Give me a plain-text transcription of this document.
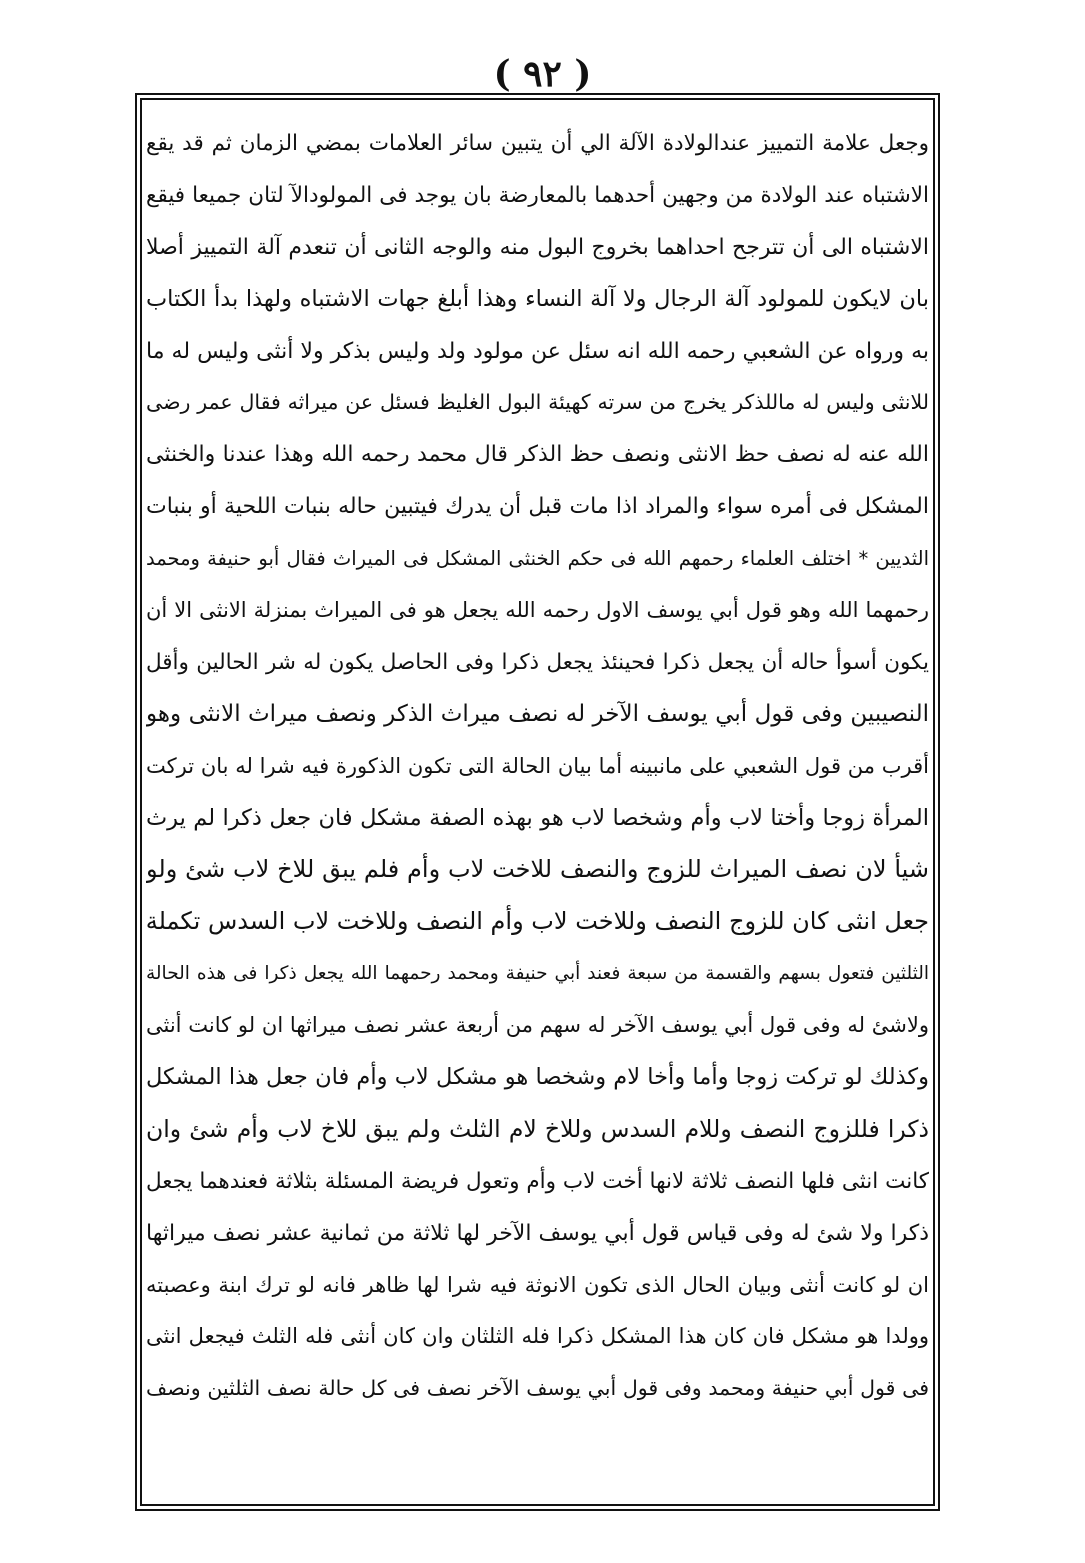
( ٩٢ )
وجعل علامة التمييز عندالولادة الآلة الي أن يتبين سائر العلامات بمضي الزمان ثم قد يقع
الاشتباه عند الولادة من وجهين أحدهما بالمعارضة بان يوجد فى المولودالآ لتان جميعا فيقع
الاشتباه الى أن تترجح احداهما بخروج البول منه والوجه الثانى أن تنعدم آلة التمييز أصلا
بان لايكون للمولود آلة الرجال ولا آلة النساء وهذا أبلغ جهات الاشتباه ولهذا بدأ الكتاب
به ورواه عن الشعبي رحمه الله انه سئل عن مولود ولد وليس بذكر ولا أنثى وليس له ما
للانثى وليس له ماللذكر يخرج من سرته كهيئة البول الغليظ فسئل عن ميراثه فقال عمر رضى
الله عنه له نصف حظ الانثى ونصف حظ الذكر قال محمد رحمه الله وهذا عندنا والخنثى
المشكل فى أمره سواء والمراد اذا مات قبل أن يدرك فيتبين حاله بنبات اللحية أو بنبات
الثديين * اختلف العلماء رحمهم الله فى حكم الخنثى المشكل فى الميراث فقال أبو حنيفة ومحمد
رحمهما الله وهو قول أبي يوسف الاول رحمه الله يجعل هو فى الميراث بمنزلة الانثى الا أن
يكون أسوأ حاله أن يجعل ذكرا فحينئذ يجعل ذكرا وفى الحاصل يكون له شر الحالين وأقل
النصيبين وفى قول أبي يوسف الآخر له نصف ميراث الذكر ونصف ميراث الانثى وهو
أقرب من قول الشعبي على مانبينه أما بيان الحالة التى تكون الذكورة فيه شرا له بان تركت
المرأة زوجا وأختا لاب وأم وشخصا لاب هو بهذه الصفة مشكل فان جعل ذكرا لم يرث
شيأ لان نصف الميراث للزوج والنصف للاخت لاب وأم فلم يبق للاخ لاب شئ ولو
جعل انثى كان للزوج النصف وللاخت لاب وأم النصف وللاخت لاب السدس تكملة
الثلثين فتعول بسهم والقسمة من سبعة فعند أبي حنيفة ومحمد رحمهما الله يجعل ذكرا فى هذه الحالة
ولاشئ له وفى قول أبي يوسف الآخر له سهم من أربعة عشر نصف ميراثها ان لو كانت أنثى
وكذلك لو تركت زوجا وأما وأخا لام وشخصا هو مشكل لاب وأم فان جعل هذا المشكل
ذكرا فللزوج النصف وللام السدس وللاخ لام الثلث ولم يبق للاخ لاب وأم شئ وان
كانت انثى فلها النصف ثلاثة لانها أخت لاب وأم وتعول فريضة المسئلة بثلاثة فعندهما يجعل
ذكرا ولا شئ له وفى قياس قول أبي يوسف الآخر لها ثلاثة من ثمانية عشر نصف ميراثها
ان لو كانت أنثى وبيان الحال الذى تكون الانوثة فيه شرا لها ظاهر فانه لو ترك ابنة وعصبته
وولدا هو مشكل فان كان هذا المشكل ذكرا فله الثلثان وان كان أنثى فله الثلث فيجعل انثى
فى قول أبي حنيفة ومحمد وفى قول أبي يوسف الآخر نصف فى كل حالة نصف الثلثين ونصف
